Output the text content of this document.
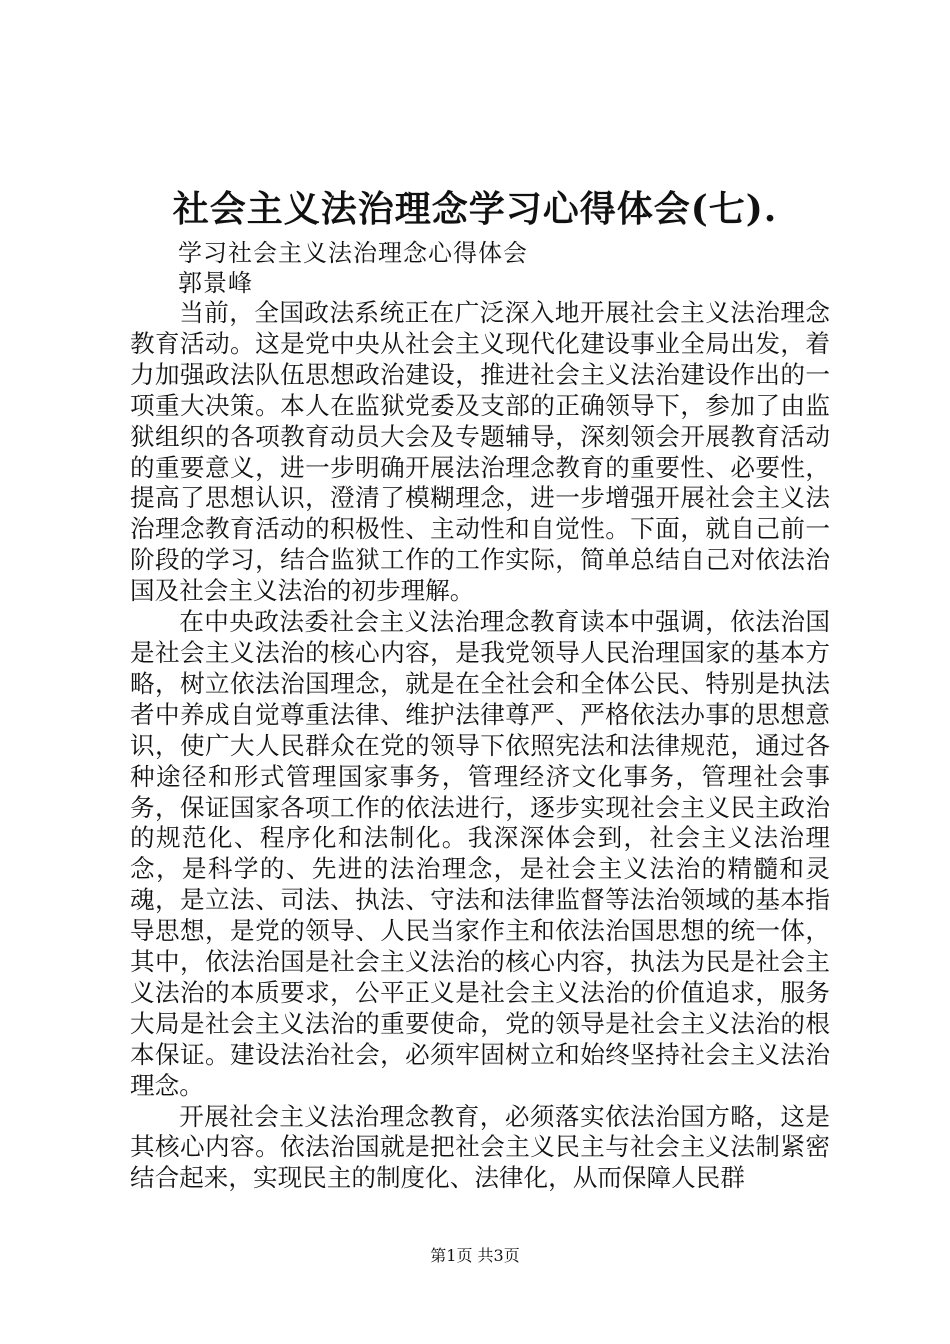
社会主义法治理念学习心得体会(七).
学习社会主义法治理念心得体会
郭景峰

当前，全国政法系统正在广泛深入地开展社会主义法治理念教育活动。这是党中央从社会主义现代化建设事业全局出发，着力加强政法队伍思想政治建设，推进社会主义法治建设作出的一项重大决策。本人在监狱党委及支部的正确领导下，参加了由监狱组织的各项教育动员大会及专题辅导，深刻领会开展教育活动的重要意义，进一步明确开展法治理念教育的重要性、必要性，提高了思想认识，澄清了模糊理念，进一步增强开展社会主义法治理念教育活动的积极性、主动性和自觉性。下面，就自己前一阶段的学习，结合监狱工作的工作实际，简单总结自己对依法治国及社会主义法治的初步理解。

在中央政法委社会主义法治理念教育读本中强调，依法治国是社会主义法治的核心内容，是我党领导人民治理国家的基本方略，树立依法治国理念，就是在全社会和全体公民、特别是执法者中养成自觉尊重法律、维护法律尊严、严格依法办事的思想意识，使广大人民群众在党的领导下依照宪法和法律规范，通过各种途径和形式管理国家事务，管理经济文化事务，管理社会事务，保证国家各项工作的依法进行，逐步实现社会主义民主政治的规范化、程序化和法制化。我深深体会到，社会主义法治理念，是科学的、先进的法治理念，是社会主义法治的精髓和灵魂，是立法、司法、执法、守法和法律监督等法治领域的基本指导思想，是党的领导、人民当家作主和依法治国思想的统一体，其中，依法治国是社会主义法治的核心内容，执法为民是社会主义法治的本质要求，公平正义是社会主义法治的价值追求，服务大局是社会主义法治的重要使命，党的领导是社会主义法治的根本保证。建设法治社会，必须牢固树立和始终坚持社会主义法治理念。

开展社会主义法治理念教育，必须落实依法治国方略，这是其核心内容。依法治国就是把社会主义民主与社会主义法制紧密结合起来，实现民主的制度化、法律化，从而保障人民群

第1页 共3页
